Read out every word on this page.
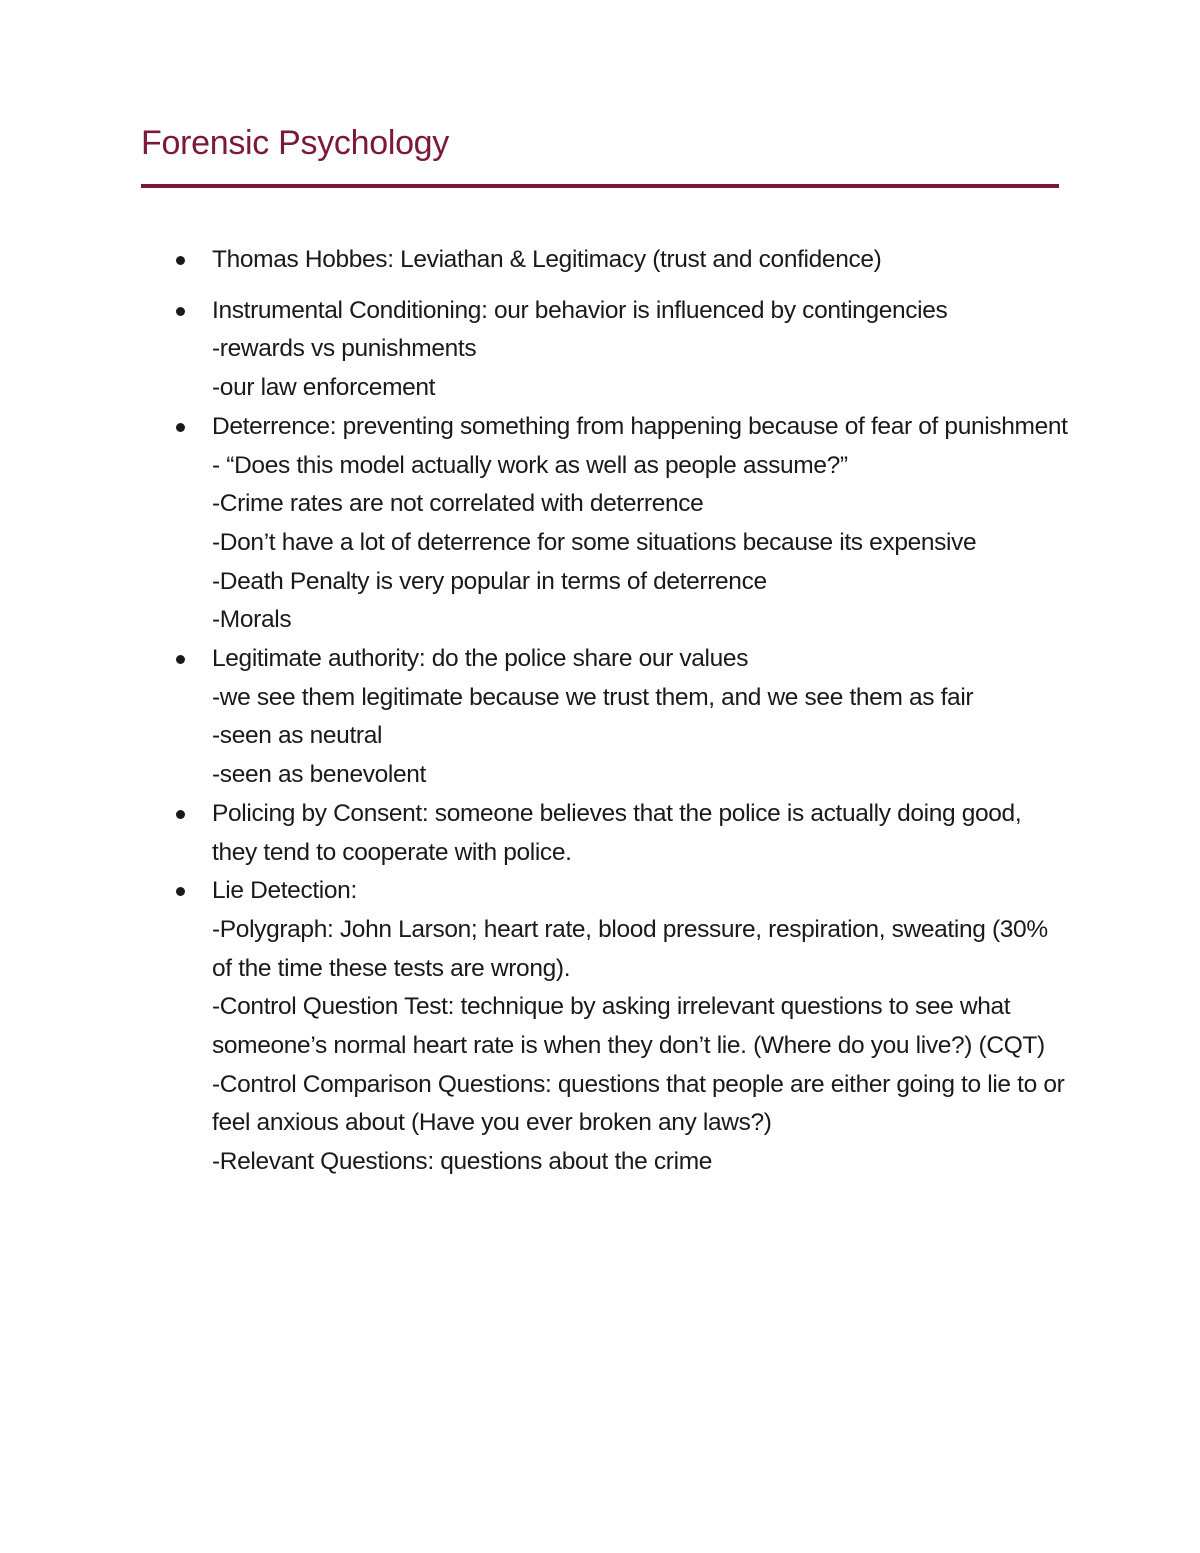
Forensic Psychology
Thomas Hobbes: Leviathan & Legitimacy (trust and confidence)
Instrumental Conditioning: our behavior is influenced by contingencies
-rewards vs punishments
-our law enforcement
Deterrence: preventing something from happening because of fear of punishment
- “Does this model actually work as well as people assume?”
-Crime rates are not correlated with deterrence
-Don’t have a lot of deterrence for some situations because its expensive
-Death Penalty is very popular in terms of deterrence
-Morals
Legitimate authority: do the police share our values
-we see them legitimate because we trust them, and we see them as fair
-seen as neutral
-seen as benevolent
Policing by Consent: someone believes that the police is actually doing good, they tend to cooperate with police.
Lie Detection:
-Polygraph: John Larson; heart rate, blood pressure, respiration, sweating (30% of the time these tests are wrong).
-Control Question Test: technique by asking irrelevant questions to see what someone’s normal heart rate is when they don’t lie. (Where do you live?) (CQT)
-Control Comparison Questions: questions that people are either going to lie to or feel anxious about (Have you ever broken any laws?)
-Relevant Questions: questions about the crime
